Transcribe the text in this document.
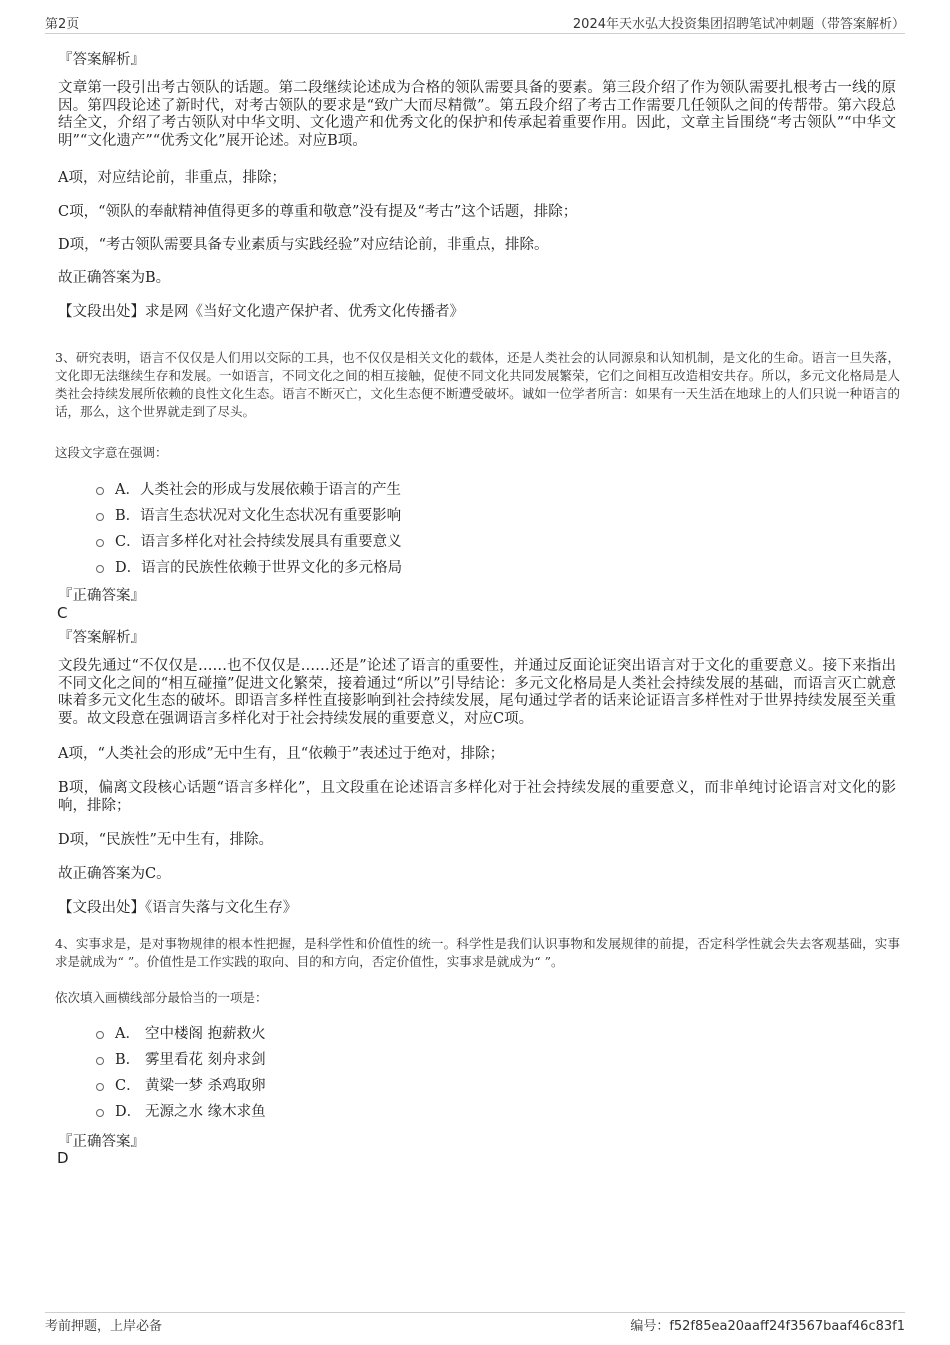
第2页	2024年天水弘大投资集团招聘笔试冲刺题（带答案解析）
『答案解析』
文章第一段引出考古领队的话题。第二段继续论述成为合格的领队需要具备的要素。第三段介绍了作为领队需要扎根考古一线的原因。第四段论述了新时代，对考古领队的要求是“致广大而尽精微”。第五段介绍了考古工作需要几任领队之间的传帮带。第六段总结全文，介绍了考古领队对中华文明、文化遗产和优秀文化的保护和传承起着重要作用。因此，文章主旨围绕“考古领队”“中华文明”“文化遗产”“优秀文化”展开论述。对应B项。
A项，对应结论前，非重点，排除；
C项，“领队的奉献精神值得更多的尊重和敬意”没有提及“考古”这个话题，排除；
D项，“考古领队需要具备专业素质与实践经验”对应结论前，非重点，排除。
故正确答案为B。
【文段出处】求是网《当好文化遗产保护者、优秀文化传播者》
3、研究表明，语言不仅仅是人们用以交际的工具，也不仅仅是相关文化的载体，还是人类社会的认同源泉和认知机制，是文化的生命。语言一旦失落，文化即无法继续生存和发展。一如语言，不同文化之间的相互接触，促使不同文化共同发展繁荣，它们之间相互改造相安共存。所以，多元文化格局是人类社会持续发展所依赖的良性文化生态。语言不断灭亡，文化生态便不断遭受破坏。诚如一位学者所言：如果有一天生活在地球上的人们只说一种语言的话，那么，这个世界就走到了尽头。
这段文字意在强调：
A． 人类社会的形成与发展依赖于语言的产生
B． 语言生态状况对文化生态状况有重要影响
C． 语言多样化对社会持续发展具有重要意义
D． 语言的民族性依赖于世界文化的多元格局
『正确答案』
C
『答案解析』
文段先通过“不仅仅是……也不仅仅是……还是”论述了语言的重要性，并通过反面论证突出语言对于文化的重要意义。接下来指出不同文化之间的“相互碰撞”促进文化繁荣，接着通过“所以”引导结论：多元文化格局是人类社会持续发展的基础，而语言灭亡就意味着多元文化生态的破坏。即语言多样性直接影响到社会持续发展，尾句通过学者的话来论证语言多样性对于世界持续发展至关重要。故文段意在强调语言多样化对于社会持续发展的重要意义，对应C项。
A项，“人类社会的形成”无中生有，且“依赖于”表述过于绝对，排除；
B项，偏离文段核心话题“语言多样化”，且文段重在论述语言多样化对于社会持续发展的重要意义，而非单纯讨论语言对文化的影响，排除；
D项，“民族性”无中生有，排除。
故正确答案为C。
【文段出处】《语言失落与文化生存》
4、实事求是，是对事物规律的根本性把握，是科学性和价值性的统一。科学性是我们认识事物和发展规律的前提，否定科学性就会失去客观基础，实事求是就成为“ ”。价值性是工作实践的取向、目的和方向，否定价值性，实事求是就成为“ ”。
依次填入画横线部分最恰当的一项是：
A． 空中楼阁 抱薪救火
B． 雾里看花 刻舟求剑
C． 黄粱一梦 杀鸡取卵
D． 无源之水 缘木求鱼
『正确答案』
D
考前押题，上岸必备	编号：f52f85ea20aaff24f3567baaf46c83f1
